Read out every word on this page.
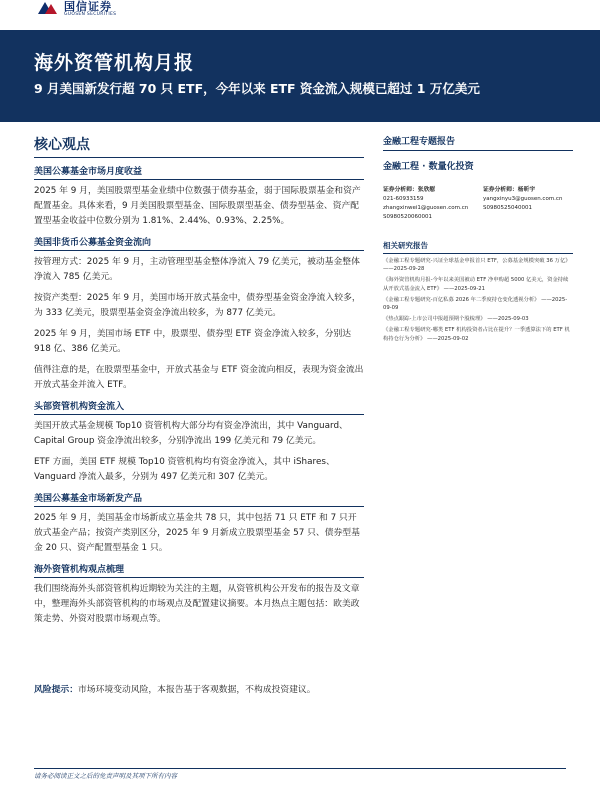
国信证券
GUOSEN SECURITIES
海外资管机构月报
9 月美国新发行超 70 只 ETF，今年以来 ETF 资金流入规模已超过 1 万亿美元
核心观点
美国公募基金市场月度收益

2025 年 9 月，美国股票型基金业绩中位数强于债券基金，弱于国际股票基金和资产配置基金。具体来看，9 月美国股票型基金、国际股票型基金、债券型基金、资产配置型基金收益中位数分别为 1.81%、2.44%、0.93%、2.25%。

美国非货币公募基金资金流向

按管理方式：2025 年 9 月，主动管理型基金整体净流入 79 亿美元，被动基金整体净流入 785 亿美元。

按资产类型：2025 年 9 月，美国市场开放式基金中，债券型基金资金净流入较多，为 333 亿美元，股票型基金资金净流出较多，为 877 亿美元。

2025 年 9 月，美国市场 ETF 中，股票型、债券型 ETF 资金净流入较多，分别达 918 亿、386 亿美元。

值得注意的是，在股票型基金中，开放式基金与 ETF 资金流向相反，表现为资金流出开放式基金并流入 ETF。

头部资管机构资金流入

美国开放式基金规模 Top10 资管机构大部分均有资金净流出，其中 Vanguard、Capital Group 资金净流出较多，分别净流出 199 亿美元和 79 亿美元。

ETF 方面，美国 ETF 规模 Top10 资管机构均有资金净流入，其中 iShares、Vanguard 净流入最多，分别为 497 亿美元和 307 亿美元。

美国公募基金市场新发产品

2025 年 9 月，美国基金市场新成立基金共 78 只，其中包括 71 只 ETF 和 7 只开放式基金产品；按资产类别区分，2025 年 9 月新成立股票型基金 57 只、债券型基金 20 只、资产配置型基金 1 只。

海外资管机构观点梳理

我们围绕海外头部资管机构近期较为关注的主题，从资管机构公开发布的报告及文章中，整理海外头部资管机构的市场观点及配置建议摘要。本月热点主题包括：欧美政策走势、外资对股票市场观点等。

风险提示：市场环境变动风险，本报告基于客观数据，不构成投资建议。
金融工程专题报告
金融工程 · 数量化投资
证券分析师：张欣慰
021-60933159
zhangxinwei1@guosen.com.cn
S0980520060001
证券分析师：杨昕宇
yangxinyu3@guosen.com.cn
S0980525040001
相关研究报告
《金融工程专题研究-兴证全球基金申报首只 ETF，公募基金规模突破 36 万亿》 ——2025-09-28
《海外资管机构月报-今年以来美国被动 ETF 净申购超 5000 亿美元，资金持续从开放式基金流入 ETF》 ——2025-09-21
《金融工程专题研究-百亿私募 2026 年二季度持仓变化透视分析》 ——2025-09-09
《热点跟踪-上市公司中报超预期个股梳理》 ——2025-09-03
《金融工程专题研究-哪类 ETF 机构投资者占比在提升？一季透算法下的 ETF 机构持仓行为分析》 ——2025-09-02
请务必阅读正文之后的免责声明及其项下所有内容
